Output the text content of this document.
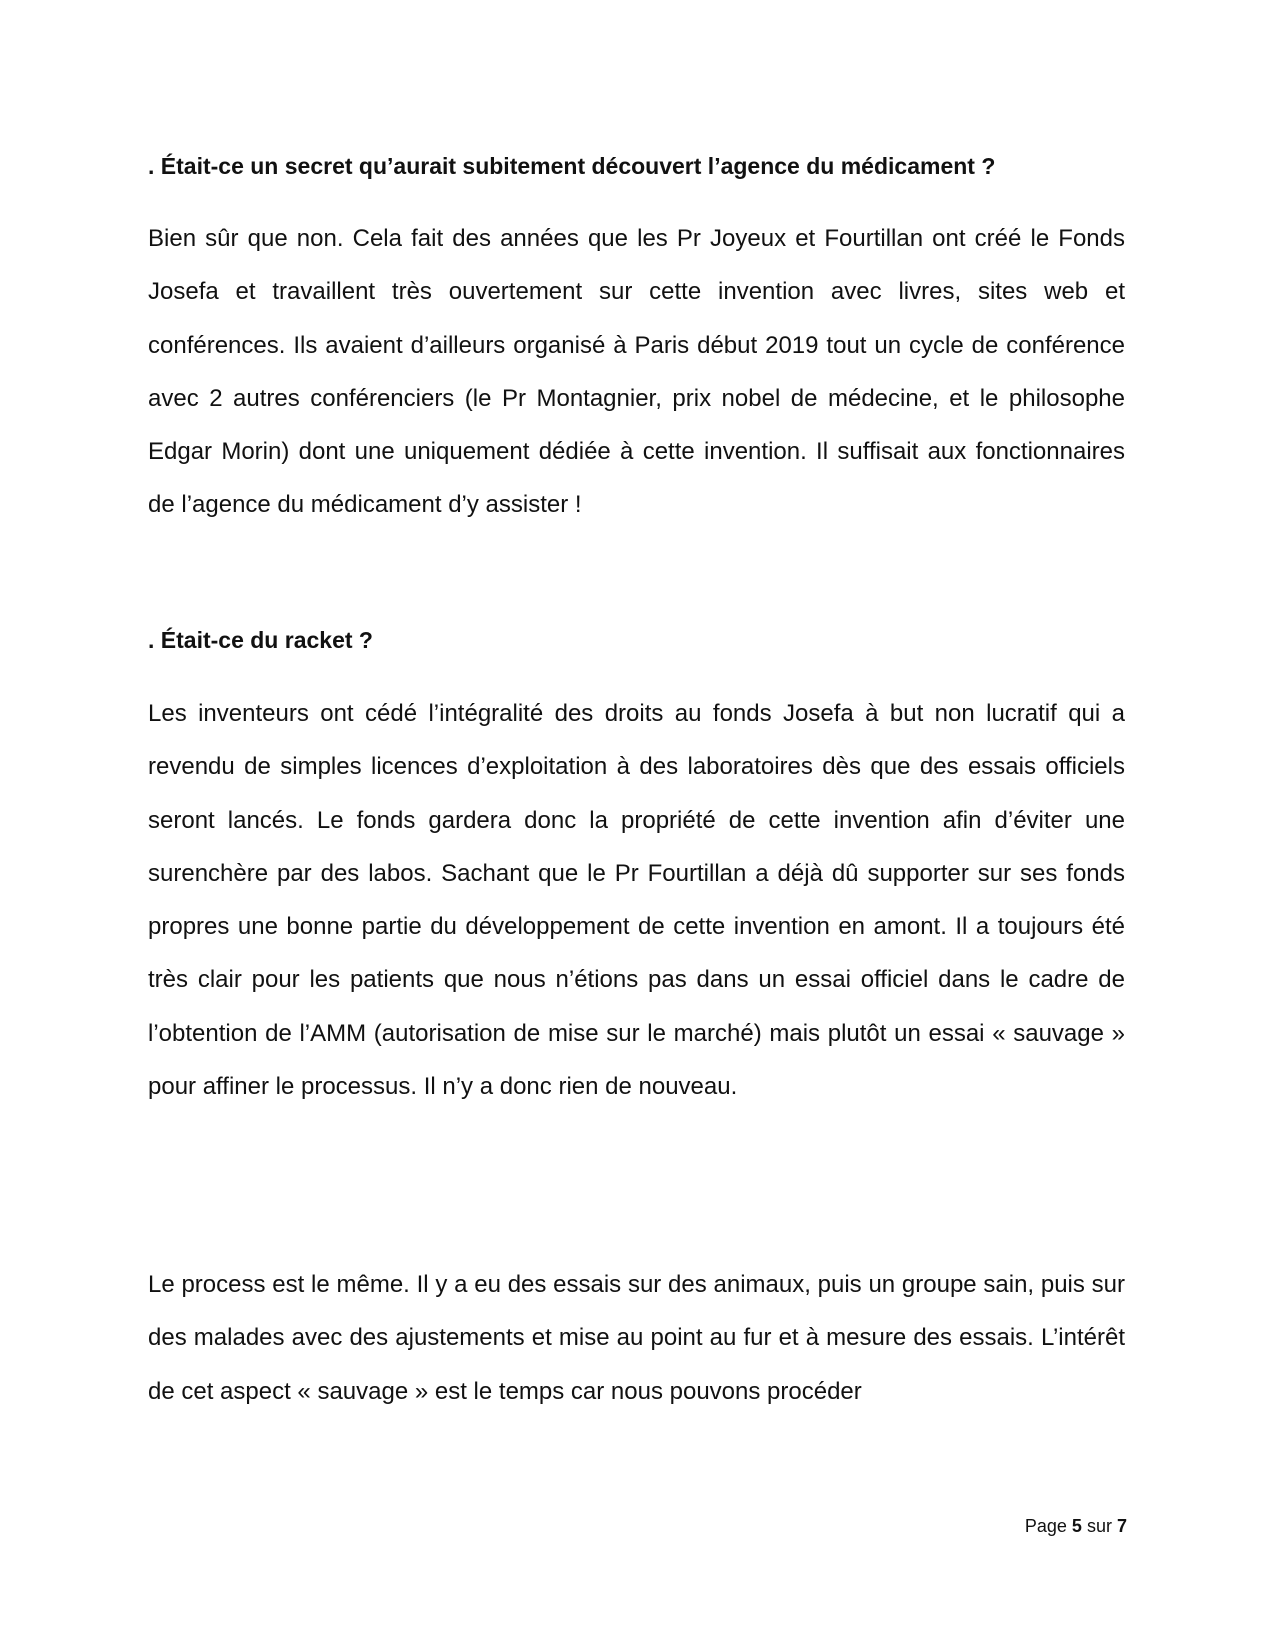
. Était-ce un secret qu’aurait subitement découvert l’agence du médicament ?

Bien sûr que non. Cela fait des années que les Pr Joyeux et Fourtillan ont créé le Fonds Josefa et travaillent très ouvertement sur cette invention avec livres, sites web et conférences. Ils avaient d’ailleurs organisé à Paris début 2019 tout un cycle de conférence avec 2 autres conférenciers (le Pr Montagnier, prix nobel de médecine, et le philosophe Edgar Morin) dont une uniquement dédiée à cette invention. Il suffisait aux fonctionnaires de l’agence du médicament d’y assister !

. Était-ce du racket ?

Les inventeurs ont cédé l’intégralité des droits au fonds Josefa à but non lucratif qui a revendu de simples licences d’exploitation à des laboratoires dès que des essais officiels seront lancés. Le fonds gardera donc la propriété de cette invention afin d’éviter une surenchère par des labos. Sachant que le Pr Fourtillan a déjà dû supporter sur ses fonds propres une bonne partie du développement de cette invention en amont. Il a toujours été très clair pour les patients que nous n’étions pas dans un essai officiel dans le cadre de l’obtention de l’AMM (autorisation de mise sur le marché) mais plutôt un essai « sauvage » pour affiner le processus. Il n’y a donc rien de nouveau.

Le process est le même. Il y a eu des essais sur des animaux, puis un groupe sain, puis sur des malades avec des ajustements et mise au point au fur et à mesure des essais. L’intérêt de cet aspect « sauvage » est le temps car nous pouvons procéder

Page 5 sur 7
